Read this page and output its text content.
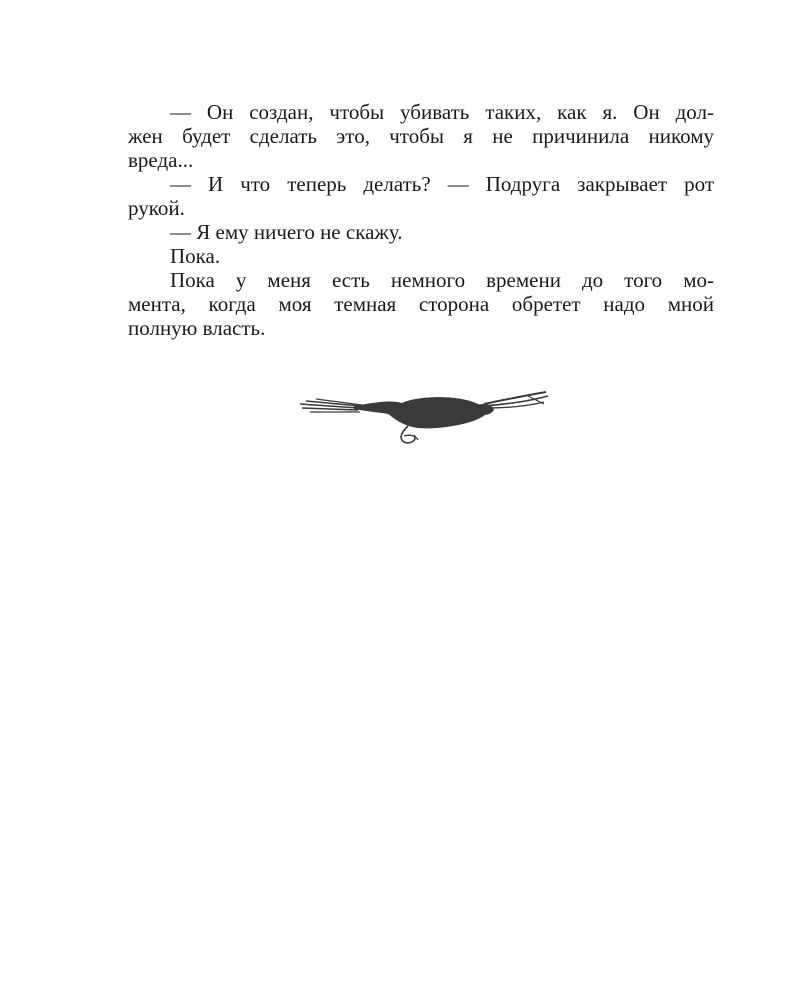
— Он создан, чтобы убивать таких, как я. Он дол-
жен будет сделать это, чтобы я не причинила никому
вреда...
— И что теперь делать? — Подруга закрывает рот
рукой.
— Я ему ничего не скажу.
Пока.
Пока у меня есть немного времени до того мо-
мента, когда моя темная сторона обретет надо мной
полную власть.
